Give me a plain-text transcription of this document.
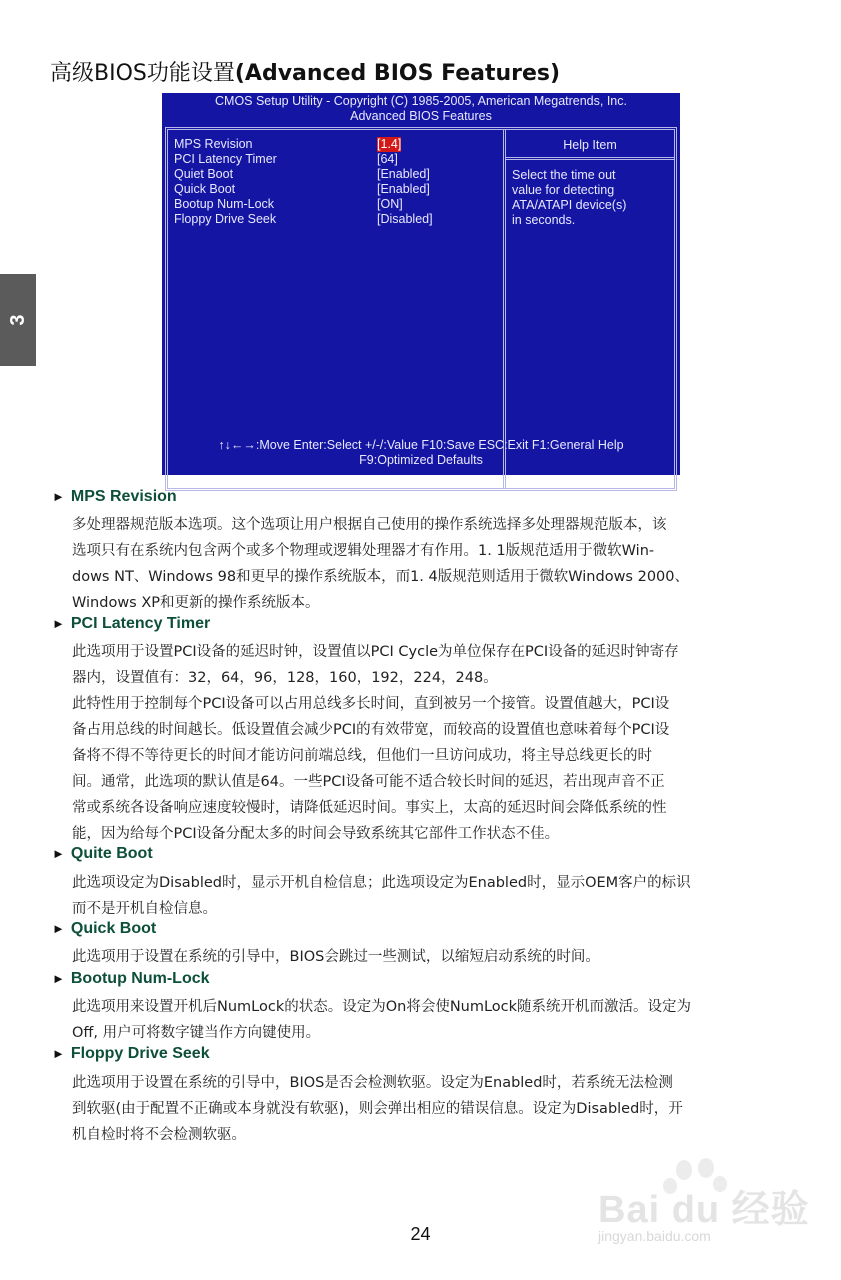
高级BIOS功能设置(Advanced BIOS Features)
3
CMOS Setup Utility - Copyright (C) 1985-2005, American Megatrends, Inc.
Advanced BIOS Features
Help Item
Select the time out
value for detecting
ATA/ATAPI device(s)
in seconds.
MPS Revision	[1.4]
PCI Latency Timer	[64]
Quiet Boot	[Enabled]
Quick Boot	[Enabled]
Bootup Num-Lock	[ON]
Floppy Drive Seek	[Disabled]
↑↓←→:Move Enter:Select +/-/:Value F10:Save ESC:Exit F1:General Help
F9:Optimized Defaults
► MPS Revision
多处理器规范版本选项。这个选项让用户根据自己使用的操作系统选择多处理器规范版本，该
选项只有在系统内包含两个或多个物理或逻辑处理器才有作用。1. 1版规范适用于微软Win-
dows NT、Windows 98和更早的操作系统版本，而1. 4版规范则适用于微软Windows 2000、
Windows XP和更新的操作系统版本。
► PCI Latency Timer
此选项用于设置PCI设备的延迟时钟，设置值以PCI Cycle为单位保存在PCI设备的延迟时钟寄存
器内，设置值有：32，64，96，128，160，192，224，248。
此特性用于控制每个PCI设备可以占用总线多长时间，直到被另一个接管。设置值越大，PCI设
备占用总线的时间越长。低设置值会减少PCI的有效带宽，而较高的设置值也意味着每个PCI设
备将不得不等待更长的时间才能访问前端总线，但他们一旦访问成功，将主导总线更长的时
间。通常，此选项的默认值是64。一些PCI设备可能不适合较长时间的延迟，若出现声音不正
常或系统各设备响应速度较慢时，请降低延迟时间。事实上，太高的延迟时间会降低系统的性
能，因为给每个PCI设备分配太多的时间会导致系统其它部件工作状态不佳。
► Quite Boot
此选项设定为Disabled时，显示开机自检信息；此选项设定为Enabled时，显示OEM客户的标识
而不是开机自检信息。
► Quick Boot
此选项用于设置在系统的引导中，BIOS会跳过一些测试，以缩短启动系统的时间。
► Bootup Num-Lock
此选项用来设置开机后NumLock的状态。设定为On将会使NumLock随系统开机而激活。设定为
Off, 用户可将数字键当作方向键使用。
► Floppy Drive Seek
此选项用于设置在系统的引导中，BIOS是否会检测软驱。设定为Enabled时，若系统无法检测
到软驱(由于配置不正确或本身就没有软驱)，则会弹出相应的错误信息。设定为Disabled时，开
机自检时将不会检测软驱。
Bai du 经验
jingyan.baidu.com
24
